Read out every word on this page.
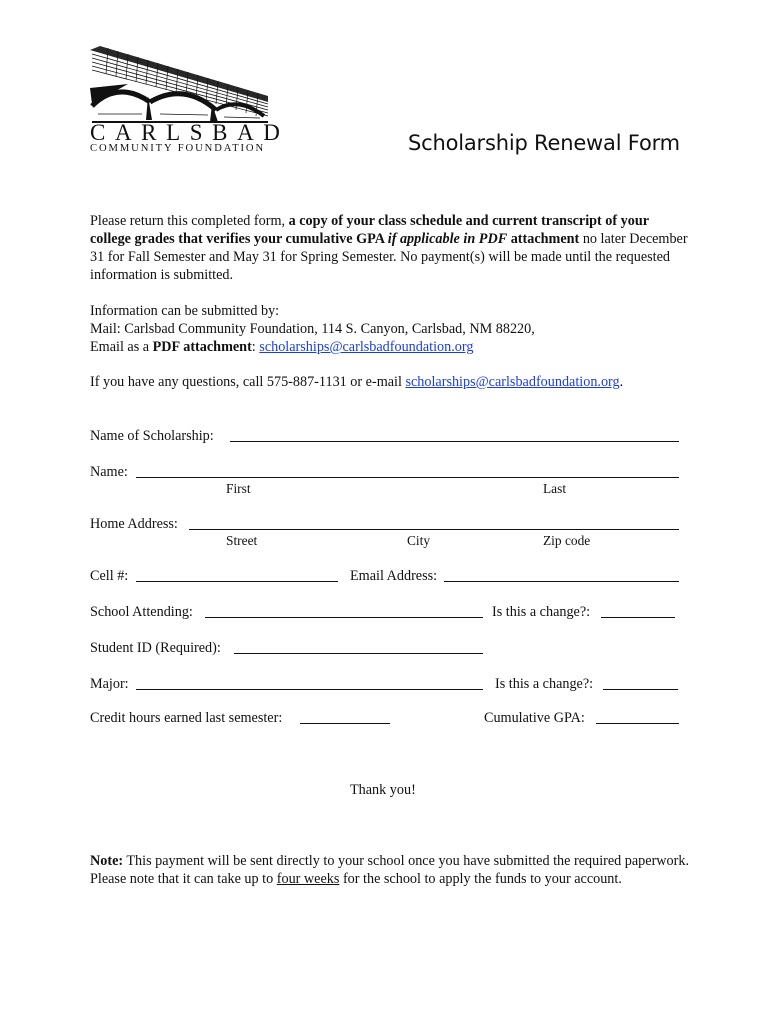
CARLSBAD
COMMUNITY FOUNDATION	Scholarship Renewal Form
Please return this completed form, a copy of your class schedule and current transcript of your college grades that verifies your cumulative GPA if applicable in PDF attachment no later December 31 for Fall Semester and May 31 for Spring Semester. No payment(s) will be made until the requested information is submitted.
Information can be submitted by:
Mail: Carlsbad Community Foundation, 114 S. Canyon, Carlsbad, NM 88220,
Email as a PDF attachment: scholarships@carlsbadfoundation.org
If you have any questions, call 575-887-1131 or e-mail scholarships@carlsbadfoundation.org.
Name of Scholarship:
Name:
First	Last
Home Address:
Street	City	Zip code
Cell #:	Email Address:
School Attending:	Is this a change?:
Student ID (Required):
Major:	Is this a change?:
Credit hours earned last semester:	Cumulative GPA:
Thank you!
Note: This payment will be sent directly to your school once you have submitted the required paperwork. Please note that it can take up to four weeks for the school to apply the funds to your account.
